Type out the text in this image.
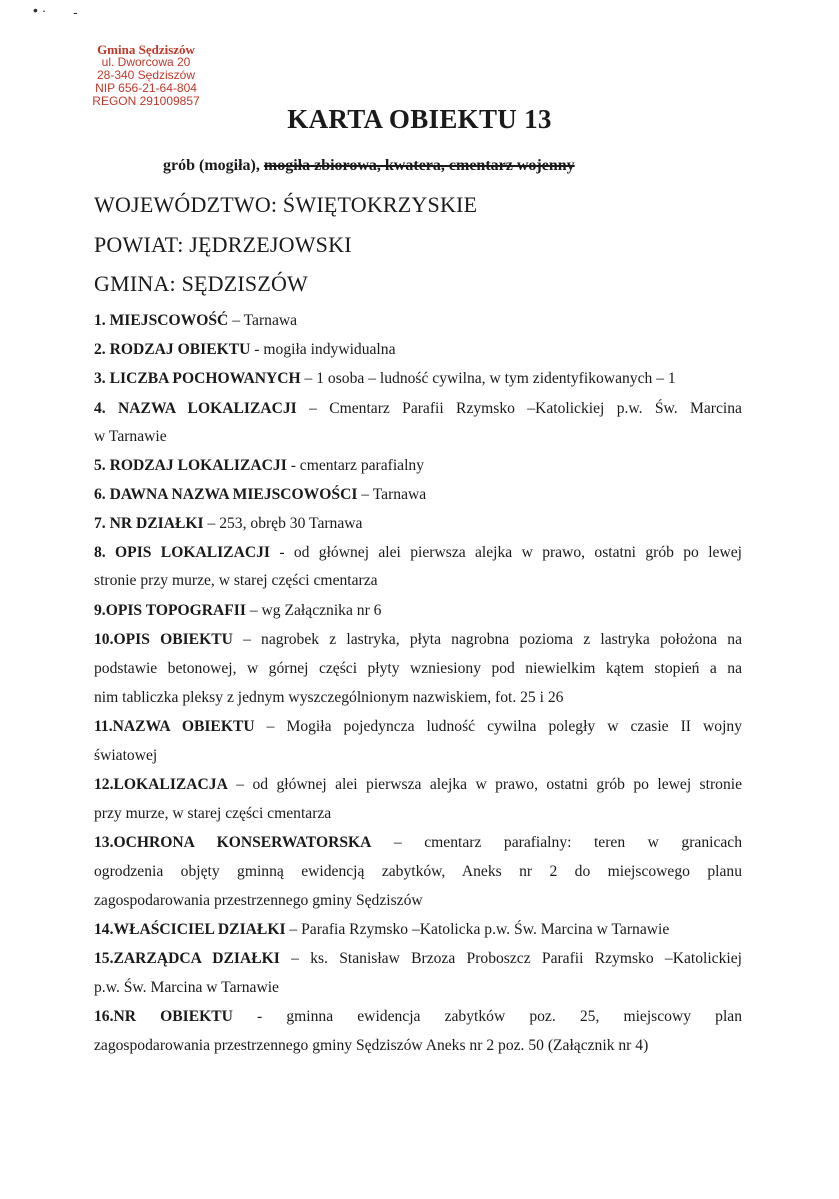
• · -
Gmina Sędziszów
ul. Dworcowa 20
28-340 Sędziszów
NIP 656-21-64-804
REGON 291009857
KARTA OBIEKTU 13
grób (mogiła), mogiła zbiorowa, kwatera, cmentarz wojenny
WOJEWÓDZTWO: ŚWIĘTOKRZYSKIE
POWIAT: JĘDRZEJOWSKI
GMINA: SĘDZISZÓW
1. MIEJSCOWOŚĆ – Tarnawa
2. RODZAJ OBIEKTU - mogiła indywidualna
3. LICZBA POCHOWANYCH – 1 osoba – ludność cywilna, w tym zidentyfikowanych – 1
4. NAZWA LOKALIZACJI – Cmentarz Parafii Rzymsko –Katolickiej p.w. Św. Marcina
w Tarnawie
5. RODZAJ LOKALIZACJI - cmentarz parafialny
6. DAWNA NAZWA MIEJSCOWOŚCI – Tarnawa
7. NR DZIAŁKI – 253, obręb 30 Tarnawa
8. OPIS LOKALIZACJI - od głównej alei pierwsza alejka w prawo, ostatni grób po lewej
stronie przy murze, w starej części cmentarza
9.OPIS TOPOGRAFII – wg Załącznika nr 6
10.OPIS OBIEKTU – nagrobek z lastryka, płyta nagrobna pozioma z lastryka położona na
podstawie betonowej, w górnej części płyty wzniesiony pod niewielkim kątem stopień a na
nim tabliczka pleksy z jednym wyszczególnionym nazwiskiem, fot. 25 i 26
11.NAZWA OBIEKTU – Mogiła pojedyncza ludność cywilna poległy w czasie II wojny
światowej
12.LOKALIZACJA – od głównej alei pierwsza alejka w prawo, ostatni grób po lewej stronie
przy murze, w starej części cmentarza
13.OCHRONA KONSERWATORSKA – cmentarz parafialny: teren w granicach
ogrodzenia objęty gminną ewidencją zabytków, Aneks nr 2 do miejscowego planu
zagospodarowania przestrzennego gminy Sędziszów
14.WŁAŚCICIEL DZIAŁKI – Parafia Rzymsko –Katolicka p.w. Św. Marcina w Tarnawie
15.ZARZĄDCA DZIAŁKI – ks. Stanisław Brzoza Proboszcz Parafii Rzymsko –Katolickiej
p.w. Św. Marcina w Tarnawie
16.NR OBIEKTU - gminna ewidencja zabytków poz. 25, miejscowy plan
zagospodarowania przestrzennego gminy Sędziszów Aneks nr 2 poz. 50 (Załącznik nr 4)
